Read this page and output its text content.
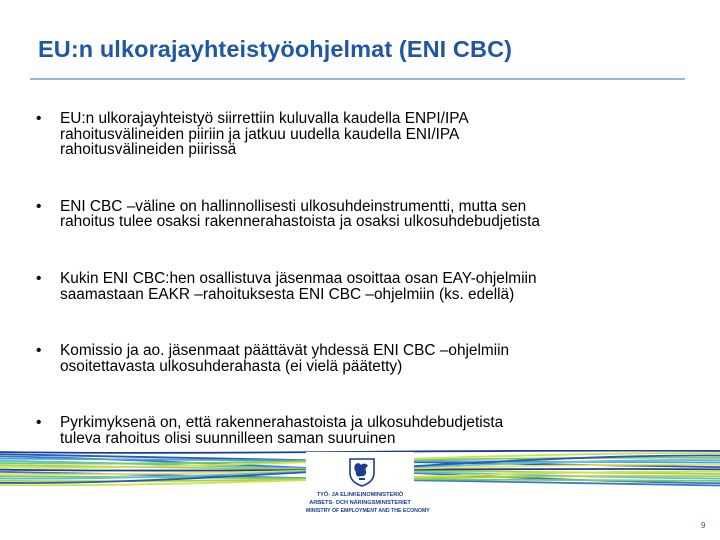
EU:n ulkorajayhteistyöohjelmat (ENI CBC)
• EU:n ulkorajayhteistyö siirrettiin kuluvalla kaudella ENPI/IPA
rahoitusvälineiden piiriin ja jatkuu uudella kaudella ENI/IPA
rahoitusvälineiden piirissä
• ENI CBC –väline on hallinnollisesti ulkosuhdeinstrumentti, mutta sen
rahoitus tulee osaksi rakennerahastoista ja osaksi ulkosuhdebudjetista
• Kukin ENI CBC:hen osallistuva jäsenmaa osoittaa osan EAY-ohjelmiin
saamastaan EAKR –rahoituksesta ENI CBC –ohjelmiin (ks. edellä)
• Komissio ja ao. jäsenmaat päättävät yhdessä ENI CBC –ohjelmiin
osoitettavasta ulkosuhderahasta (ei vielä päätetty)
• Pyrkimyksenä on, että rakennerahastoista ja ulkosuhdebudjetista
tuleva rahoitus olisi suunnilleen saman suuruinen
TYÖ- JA ELINKEINOMINISTERIÖ
ARBETS- OCH NÄRINGSMINISTERIET
MINISTRY OF EMPLOYMENT AND THE ECONOMY
9
